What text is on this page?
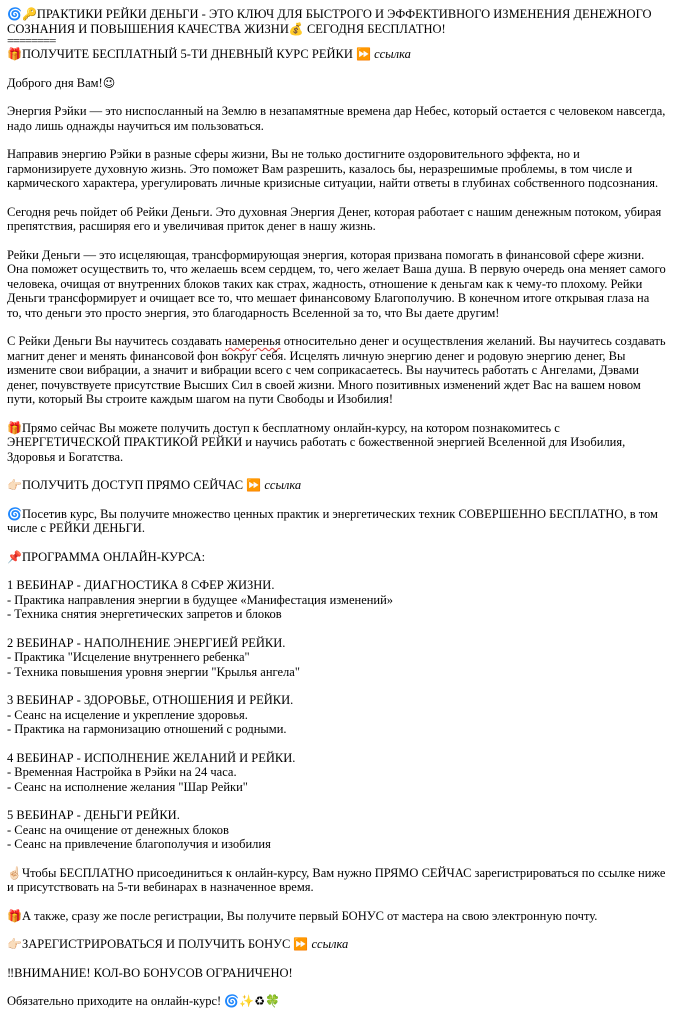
🌀🔑ПРАКТИКИ РЕЙКИ ДЕНЬГИ - ЭТО КЛЮЧ ДЛЯ БЫСТРОГО И ЭФФЕКТИВНОГО ИЗМЕНЕНИЯ ДЕНЕЖНОГО СОЗНАНИЯ И ПОВЫШЕНИЯ КАЧЕСТВА ЖИЗНИ💰 СЕГОДНЯ БЕСПЛАТНО!

========

🎁ПОЛУЧИТЕ БЕСПЛАТНЫЙ 5-ТИ ДНЕВНЫЙ КУРС РЕЙКИ ⏩ ссылка

Доброго дня Вам!😉

Энергия Рэйки — это ниспосланный на Землю в незапамятные времена дар Небес, который остается с человеком навсегда, надо лишь однажды научиться им пользоваться.

Направив энергию Рэйки в разные сферы жизни, Вы не только достигните оздоровительного эффекта, но и гармонизируете духовную жизнь. Это поможет Вам разрешить, казалось бы, неразрешимые проблемы, в том числе и кармического характера, урегулировать личные кризисные ситуации, найти ответы в глубинах собственного подсознания.

Сегодня речь пойдет об Рейки Деньги. Это духовная Энергия Денег, которая работает с нашим денежным потоком, убирая препятствия, расширяя его и увеличивая приток денег в нашу жизнь.

Рейки Деньги — это исцеляющая, трансформирующая энергия, которая призвана помогать в финансовой сфере жизни. Она поможет осуществить то, что желаешь всем сердцем, то, чего желает Ваша душа. В первую очередь она меняет самого человека, очищая от внутренних блоков таких как страх, жадность, отношение к деньгам как к чему-то плохому. Рейки Деньги трансформирует и очищает все то, что мешает финансовому Благополучию. В конечном итоге открывая глаза на то, что деньги это просто энергия, это благодарность Вселенной за то, что Вы даете другим!

С Рейки Деньги Вы научитесь создавать намеренья относительно денег и осуществления желаний. Вы научитесь создавать магнит денег и менять финансовой фон вокруг себя. Исцелять личную энергию денег и родовую энергию денег, Вы измените свои вибрации, а значит и вибрации всего с чем соприкасаетесь. Вы научитесь работать с Ангелами, Дэвами денег, почувствуете присутствие Высших Сил в своей жизни. Много позитивных изменений ждет Вас на вашем новом пути, который Вы строите каждым шагом на пути Свободы и Изобилия!

🎁Прямо сейчас Вы можете получить доступ к бесплатному онлайн-курсу, на котором познакомитесь с ЭНЕРГЕТИЧЕСКОЙ ПРАКТИКОЙ РЕЙКИ и научись работать с божественной энергией Вселенной для Изобилия, Здоровья и Богатства.

👉🏻ПОЛУЧИТЬ ДОСТУП ПРЯМО СЕЙЧАС ⏩ ссылка

🌀Посетив курс, Вы получите множество ценных практик и энергетических техник СОВЕРШЕННО БЕСПЛАТНО, в том числе с РЕЙКИ ДЕНЬГИ.

📌ПРОГРАММА ОНЛАЙН-КУРСА:

1 ВЕБИНАР - ДИАГНОСТИКА 8 СФЕР ЖИЗНИ.

- Практика направления энергии в будущее «Манифестация изменений»

- Техника снятия энергетических запретов и блоков

2 ВЕБИНАР - НАПОЛНЕНИЕ ЭНЕРГИЕЙ РЕЙКИ.

- Практика "Исцеление внутреннего ребенка"

- Техника повышения уровня энергии "Крылья ангела"

3 ВЕБИНАР - ЗДОРОВЬЕ, ОТНОШЕНИЯ И РЕЙКИ.

- Сеанс на исцеление и укрепление здоровья.

- Практика на гармонизацию отношений с родными.

4 ВЕБИНАР - ИСПОЛНЕНИЕ ЖЕЛАНИЙ И РЕЙКИ.

- Временная Настройка в Рэйки на 24 часа.

- Сеанс на исполнение желания "Шар Рейки"

5 ВЕБИНАР - ДЕНЬГИ РЕЙКИ.

- Сеанс на очищение от денежных блоков

- Сеанс на привлечение благополучия и изобилия

☝🏻Чтобы БЕСПЛАТНО присоединиться к онлайн-курсу, Вам нужно ПРЯМО СЕЙЧАС зарегистрироваться по ссылке ниже и присутствовать на 5-ти вебинарах в назначенное время.

🎁А также, сразу же после регистрации, Вы получите первый БОНУС от мастера на свою электронную почту.

👉🏻ЗАРЕГИСТРИРОВАТЬСЯ И ПОЛУЧИТЬ БОНУС ⏩ ссылка

‼ВНИМАНИЕ! КОЛ-ВО БОНУСОВ ОГРАНИЧЕНО!

Обязательно приходите на онлайн-курс! 🌀✨♻🍀
